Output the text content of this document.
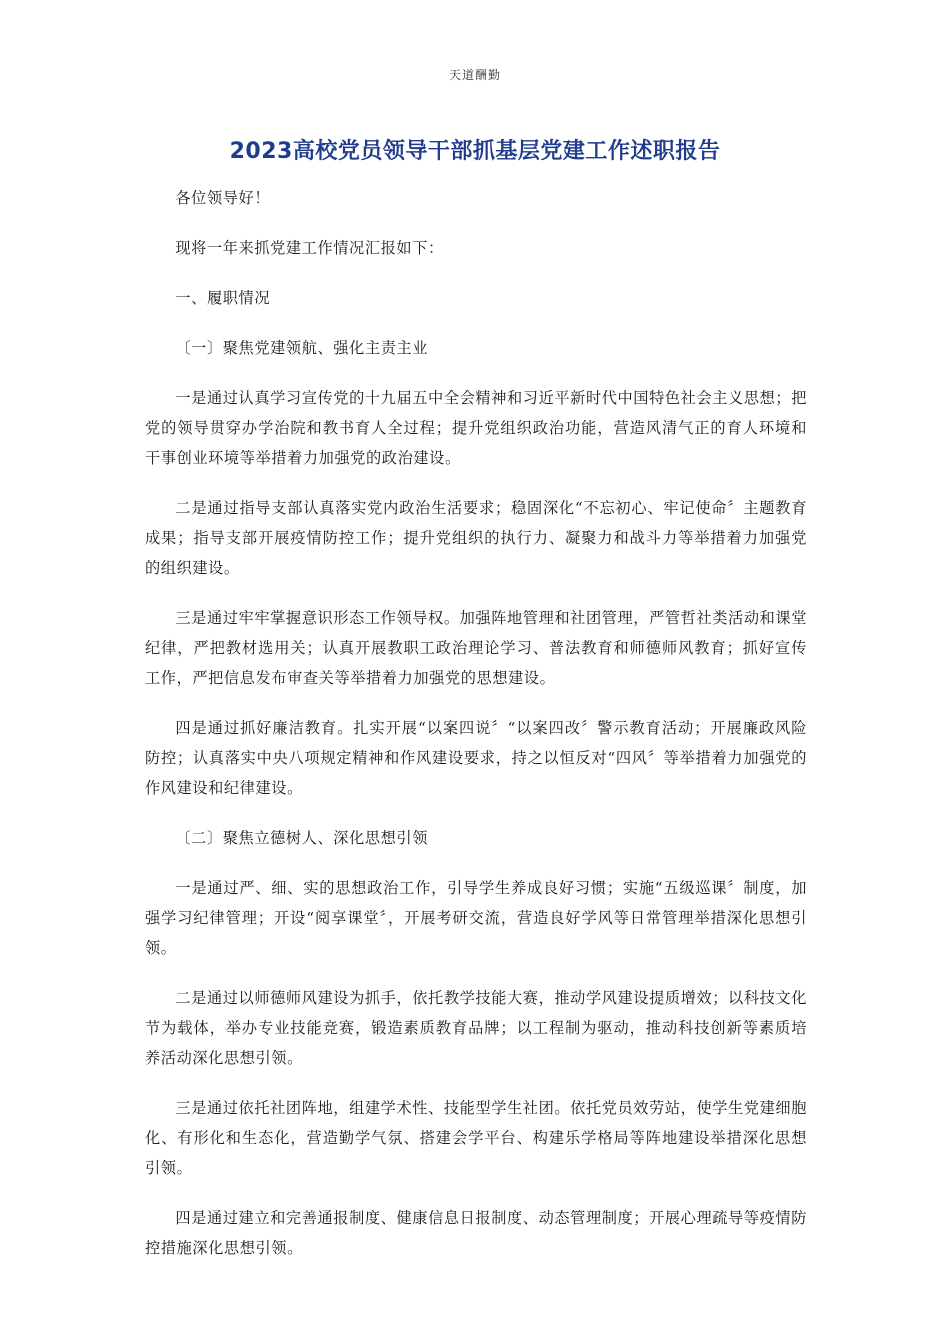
天道酬勤
2023高校党员领导干部抓基层党建工作述职报告

各位领导好！

现将一年来抓党建工作情况汇报如下：

一、履职情况

〔一〕聚焦党建领航、强化主责主业

一是通过认真学习宣传党的十九届五中全会精神和习近平新时代中国特色社会主义思想；把党的领导贯穿办学治院和教书育人全过程；提升党组织政治功能，营造风清气正的育人环境和干事创业环境等举措着力加强党的政治建设。

二是通过指导支部认真落实党内政治生活要求；稳固深化“不忘初心、牢记使命〞主题教育成果；指导支部开展疫情防控工作；提升党组织的执行力、凝聚力和战斗力等举措着力加强党的组织建设。

三是通过牢牢掌握意识形态工作领导权。加强阵地管理和社团管理，严管哲社类活动和课堂纪律，严把教材选用关；认真开展教职工政治理论学习、普法教育和师德师风教育；抓好宣传工作，严把信息发布审查关等举措着力加强党的思想建设。

四是通过抓好廉洁教育。扎实开展“以案四说〞“以案四改〞警示教育活动；开展廉政风险防控；认真落实中央八项规定精神和作风建设要求，持之以恒反对“四风〞等举措着力加强党的作风建设和纪律建设。

〔二〕聚焦立德树人、深化思想引领

一是通过严、细、实的思想政治工作，引导学生养成良好习惯；实施“五级巡课〞制度，加强学习纪律管理；开设“阅享课堂〞，开展考研交流，营造良好学风等日常管理举措深化思想引领。

二是通过以师德师风建设为抓手，依托教学技能大赛，推动学风建设提质增效；以科技文化节为载体，举办专业技能竞赛，锻造素质教育品牌；以工程制为驱动，推动科技创新等素质培养活动深化思想引领。

三是通过依托社团阵地，组建学术性、技能型学生社团。依托党员效劳站，使学生党建细胞化、有形化和生态化，营造勤学气氛、搭建会学平台、构建乐学格局等阵地建设举措深化思想引领。

四是通过建立和完善通报制度、健康信息日报制度、动态管理制度；开展心理疏导等疫情防控措施深化思想引领。
